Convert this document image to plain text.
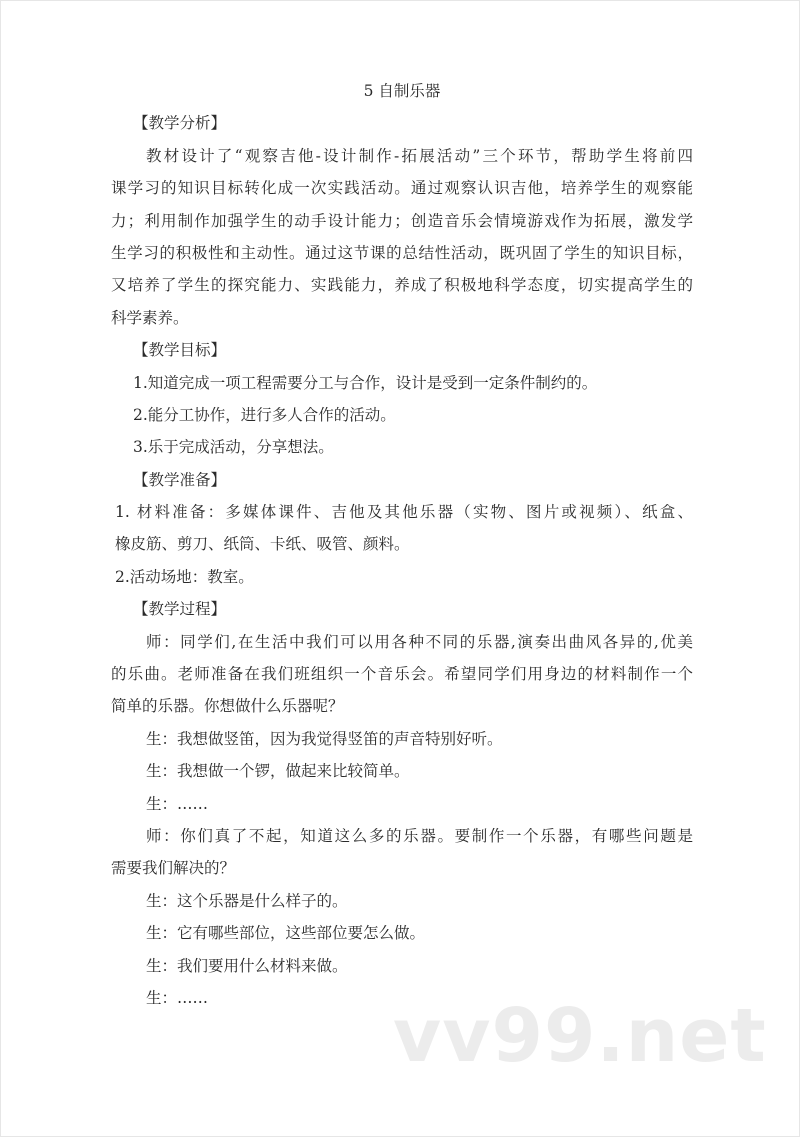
5 自制乐器
【教学分析】
教材设计了“观察吉他-设计制作-拓展活动”三个环节，帮助学生将前四
课学习的知识目标转化成一次实践活动。通过观察认识吉他，培养学生的观察能
力；利用制作加强学生的动手设计能力；创造音乐会情境游戏作为拓展，激发学
生学习的积极性和主动性。通过这节课的总结性活动，既巩固了学生的知识目标，
又培养了学生的探究能力、实践能力，养成了积极地科学态度，切实提高学生的
科学素养。
【教学目标】
1.知道完成一项工程需要分工与合作，设计是受到一定条件制约的。
2.能分工协作，进行多人合作的活动。
3.乐于完成活动，分享想法。
【教学准备】
1. 材料准备：多媒体课件、吉他及其他乐器（实物、图片或视频）、纸盒、
橡皮筋、剪刀、纸筒、卡纸、吸管、颜料。
2.活动场地：教室。
【教学过程】
师：同学们,在生活中我们可以用各种不同的乐器,演奏出曲风各异的,优美
的乐曲。老师准备在我们班组织一个音乐会。希望同学们用身边的材料制作一个
简单的乐器。你想做什么乐器呢？
生：我想做竖笛，因为我觉得竖笛的声音特别好听。
生：我想做一个锣，做起来比较简单。
生：……
师：你们真了不起，知道这么多的乐器。要制作一个乐器，有哪些问题是
需要我们解决的？
生：这个乐器是什么样子的。
生：它有哪些部位，这些部位要怎么做。
生：我们要用什么材料来做。
生：……	vv99.net
